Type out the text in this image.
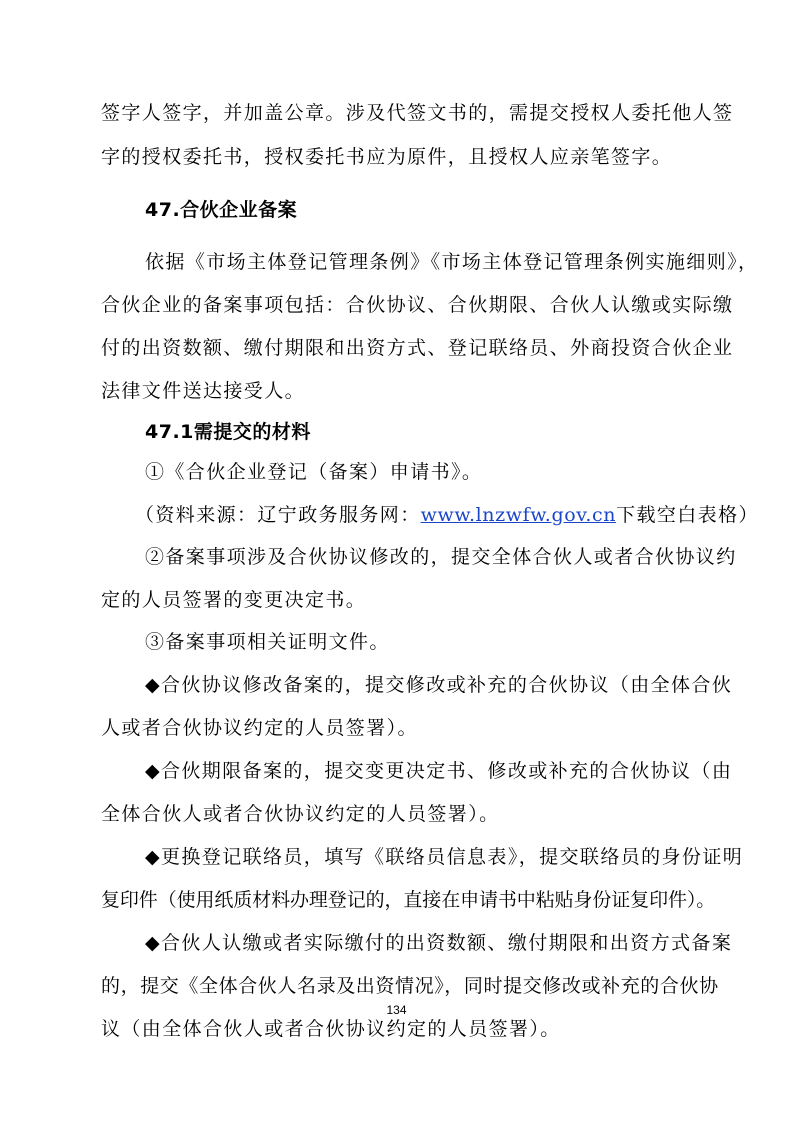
签字人签字，并加盖公章。涉及代签文书的，需提交授权人委托他人签

字的授权委托书，授权委托书应为原件，且授权人应亲笔签字。

47.合伙企业备案

依据《市场主体登记管理条例》《市场主体登记管理条例实施细则》，

合伙企业的备案事项包括：合伙协议、合伙期限、合伙人认缴或实际缴

付的出资数额、缴付期限和出资方式、登记联络员、外商投资合伙企业

法律文件送达接受人。

47.1需提交的材料

①《合伙企业登记（备案）申请书》。

（资料来源：辽宁政务服务网：www.lnzwfw.gov.cn下载空白表格）

②备案事项涉及合伙协议修改的，提交全体合伙人或者合伙协议约

定的人员签署的变更决定书。

③备案事项相关证明文件。

◆合伙协议修改备案的，提交修改或补充的合伙协议（由全体合伙

人或者合伙协议约定的人员签署）。

◆合伙期限备案的，提交变更决定书、修改或补充的合伙协议（由

全体合伙人或者合伙协议约定的人员签署）。

◆更换登记联络员，填写《联络员信息表》，提交联络员的身份证明

复印件（使用纸质材料办理登记的，直接在申请书中粘贴身份证复印件）。

◆合伙人认缴或者实际缴付的出资数额、缴付期限和出资方式备案

的，提交《全体合伙人名录及出资情况》，同时提交修改或补充的合伙协

134

议（由全体合伙人或者合伙协议约定的人员签署）。
